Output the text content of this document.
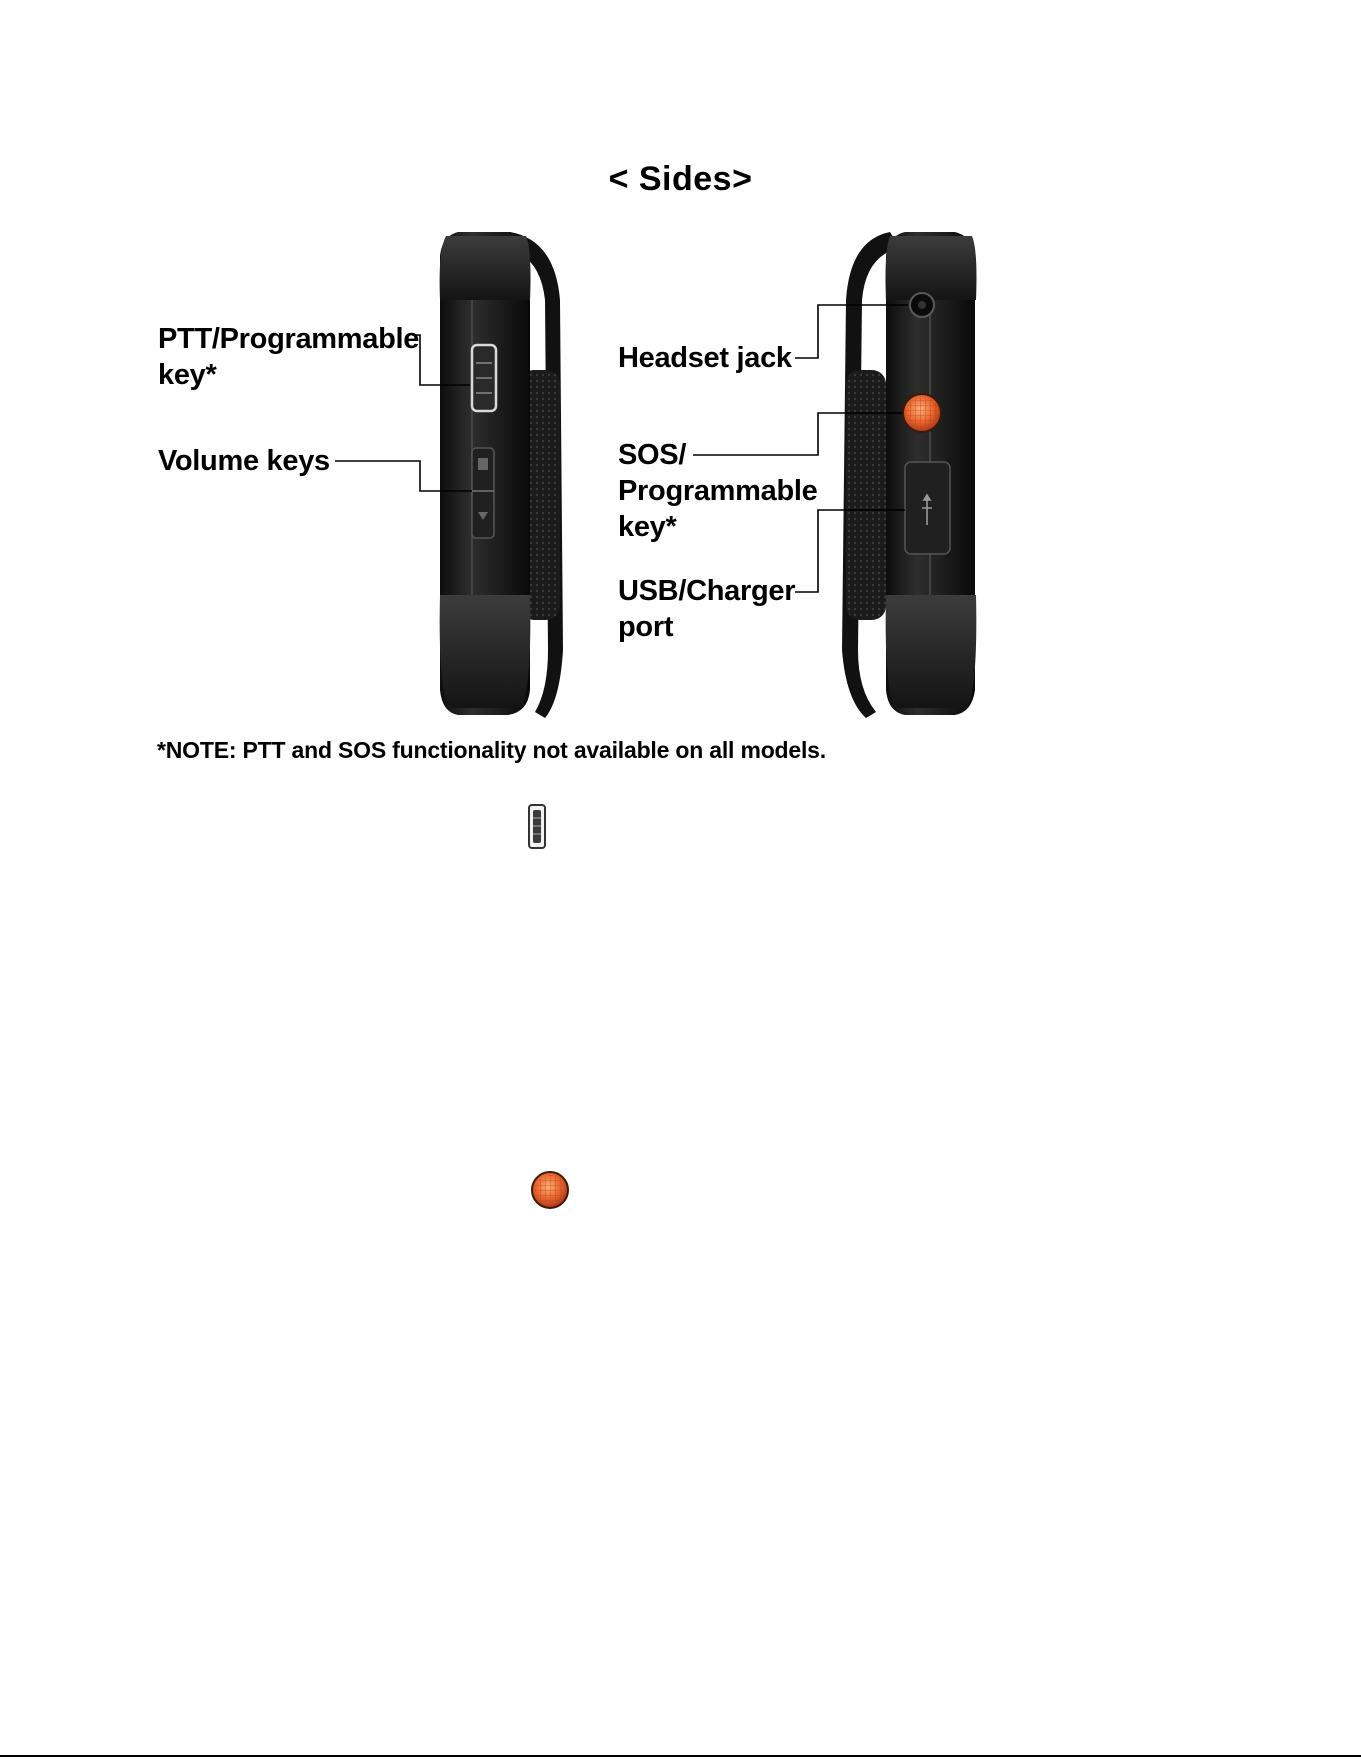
< Sides>
PTT/Programmable
key*
Volume keys
Headset jack
SOS/
Programmable
key*
USB/Charger
port
*NOTE: PTT and SOS functionality not available on all models.
